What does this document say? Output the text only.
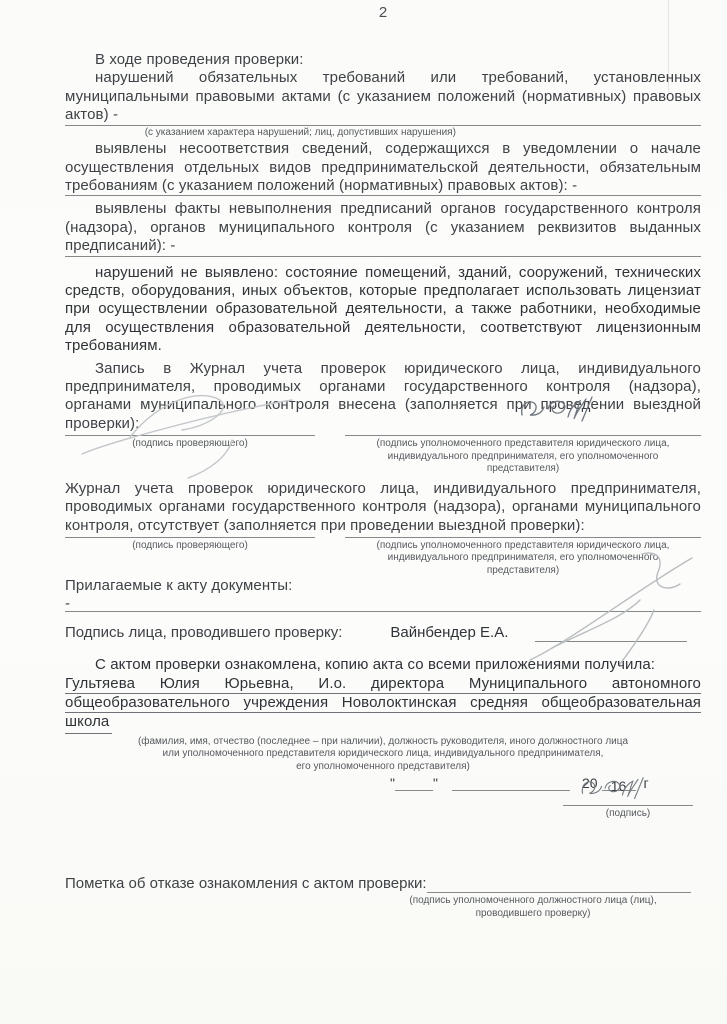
2
В ходе проведения проверки:
нарушений обязательных требований или требований, установленных
муниципальными правовыми актами (с указанием положений (нормативных) правовых
актов) -
(с указанием характера нарушений; лиц, допустивших нарушения)
выявлены несоответствия сведений, содержащихся в уведомлении о начале
осуществления отдельных видов предпринимательской деятельности, обязательным
требованиям (с указанием положений (нормативных) правовых актов): -
выявлены факты невыполнения предписаний органов государственного контроля
(надзора), органов муниципального контроля (с указанием реквизитов выданных
предписаний): -
нарушений не выявлено: состояние помещений, зданий, сооружений, технических
средств, оборудования, иных объектов, которые предполагает использовать лицензиат
при осуществлении образовательной деятельности, а также работники, необходимые
для осуществления образовательной деятельности, соответствуют лицензионным
требованиям.
Запись в Журнал учета проверок юридического лица, индивидуального
предпринимателя, проводимых органами государственного контроля (надзора),
органами муниципального контроля внесена (заполняется при проведении выездной
проверки):
(подпись проверяющего)	(подпись уполномоченного представителя юридического лица,
индивидуального предпринимателя, его уполномоченного
представителя)
Журнал учета проверок юридического лица, индивидуального предпринимателя,
проводимых органами государственного контроля (надзора), органами муниципального
контроля, отсутствует (заполняется при проведении выездной проверки):
(подпись проверяющего)	(подпись уполномоченного представителя юридического лица,
индивидуального предпринимателя, его уполномоченного
представителя)
Прилагаемые к акту документы:
-
Подпись лица, проводившего проверку:	Вайнбендер Е.А.
С актом проверки ознакомлена, копию акта со всеми приложениями получила:
Гультяева Юлия Юрьевна, И.о. директора Муниципального автономного
общеобразовательного учреждения Новолоктинская средняя общеобразовательная
школа
(фамилия, имя, отчество (последнее – при наличии), должность руководителя, иного должностного лица
или уполномоченного представителя юридического лица, индивидуального предпринимателя,
его уполномоченного представителя)
"	"	20 16	г
(подпись)
Пометка об отказе ознакомления с актом проверки:
(подпись уполномоченного должностного лица (лиц),
проводившего проверку)
